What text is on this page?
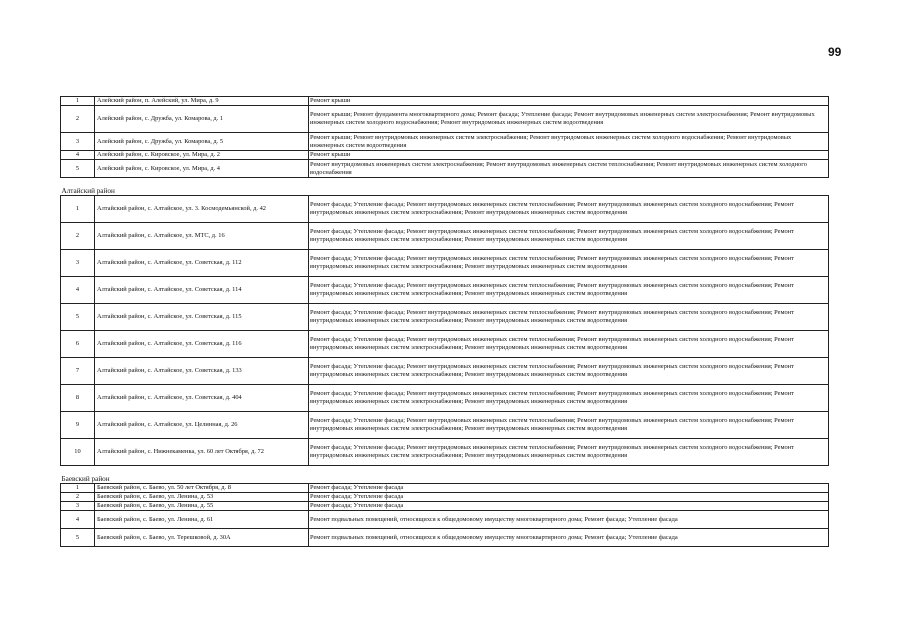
99
1	Алейский район, п. Алейский, ул. Мира, д. 9	Ремонт крыши
2	Алейский район, с. Дружба, ул. Комарова, д. 1	Ремонт крыши; Ремонт фундамента многоквартирного дома; Ремонт фасада; Утепление фасада; Ремонт внутридомовых инженерных систем электроснабжения; Ремонт внутридомовых инженерных систем холодного водоснабжения; Ремонт внутридомовых инженерных систем водоотведения
3	Алейский район, с. Дружба, ул. Комарова, д. 5	Ремонт крыши; Ремонт внутридомовых инженерных систем электроснабжения; Ремонт внутридомовых инженерных систем холодного водоснабжения; Ремонт внутридомовых инженерных систем водоотведения
4	Алейский район, с. Кировское, ул. Мира, д. 2	Ремонт крыши
5	Алейский район, с. Кировское, ул. Мира, д. 4	Ремонт внутридомовых инженерных систем электроснабжения; Ремонт внутридомовых инженерных систем теплоснабжения; Ремонт внутридомовых инженерных систем холодного водоснабжения
Алтайский район		
1	Алтайский район, с. Алтайское, ул. 3. Космодемьянской, д. 42	Ремонт фасада; Утепление фасада; Ремонт внутридомовых инженерных систем теплоснабжения; Ремонт внутридомовых инженерных систем холодного водоснабжения; Ремонт внутридомовых инженерных систем электроснабжения; Ремонт внутридомовых инженерных систем водоотведения
2	Алтайский район, с. Алтайское, ул. МТС, д. 16	Ремонт фасада; Утепление фасада; Ремонт внутридомовых инженерных систем теплоснабжения; Ремонт внутридомовых инженерных систем холодного водоснабжения; Ремонт внутридомовых инженерных систем электроснабжения; Ремонт внутридомовых инженерных систем водоотведения
3	Алтайский район, с. Алтайское, ул. Советская, д. 112	Ремонт фасада; Утепление фасада; Ремонт внутридомовых инженерных систем теплоснабжения; Ремонт внутридомовых инженерных систем холодного водоснабжения; Ремонт внутридомовых инженерных систем электроснабжения; Ремонт внутридомовых инженерных систем водоотведения
4	Алтайский район, с. Алтайское, ул. Советская, д. 114	Ремонт фасада; Утепление фасада; Ремонт внутридомовых инженерных систем теплоснабжения; Ремонт внутридомовых инженерных систем холодного водоснабжения; Ремонт внутридомовых инженерных систем электроснабжения; Ремонт внутридомовых инженерных систем водоотведения
5	Алтайский район, с. Алтайское, ул. Советская, д. 115	Ремонт фасада; Утепление фасада; Ремонт внутридомовых инженерных систем теплоснабжения; Ремонт внутридомовых инженерных систем холодного водоснабжения; Ремонт внутридомовых инженерных систем электроснабжения; Ремонт внутридомовых инженерных систем водоотведения
6	Алтайский район, с. Алтайское, ул. Советская, д. 116	Ремонт фасада; Утепление фасада; Ремонт внутридомовых инженерных систем теплоснабжения; Ремонт внутридомовых инженерных систем холодного водоснабжения; Ремонт внутридомовых инженерных систем электроснабжения; Ремонт внутридомовых инженерных систем водоотведения
7	Алтайский район, с. Алтайское, ул. Советская, д. 133	Ремонт фасада; Утепление фасада; Ремонт внутридомовых инженерных систем теплоснабжения; Ремонт внутридомовых инженерных систем холодного водоснабжения; Ремонт внутридомовых инженерных систем электроснабжения; Ремонт внутридомовых инженерных систем водоотведения
8	Алтайский район, с. Алтайское, ул. Советская, д. 404	Ремонт фасада; Утепление фасада; Ремонт внутридомовых инженерных систем теплоснабжения; Ремонт внутридомовых инженерных систем холодного водоснабжения; Ремонт внутридомовых инженерных систем электроснабжения; Ремонт внутридомовых инженерных систем водоотведения
9	Алтайский район, с. Алтайское, ул. Целинная, д. 26	Ремонт фасада; Утепление фасада; Ремонт внутридомовых инженерных систем теплоснабжения; Ремонт внутридомовых инженерных систем холодного водоснабжения; Ремонт внутридомовых инженерных систем электроснабжения; Ремонт внутридомовых инженерных систем водоотведения
10	Алтайский район, с. Нижнекаменка, ул. 60 лет Октября, д. 72	Ремонт фасада; Утепление фасада; Ремонт внутридомовых инженерных систем теплоснабжения; Ремонт внутридомовых инженерных систем холодного водоснабжения; Ремонт внутридомовых инженерных систем электроснабжения; Ремонт внутридомовых инженерных систем водоотведения
Баевский район		
1	Баевский район, с. Баево, ул. 50 лет Октября, д. 8	Ремонт фасада; Утепление фасада
2	Баевский район, с. Баево, ул. Ленина, д. 53	Ремонт фасада; Утепление фасада
3	Баевский район, с. Баево, ул. Ленина, д. 55	Ремонт фасада; Утепление фасада
4	Баевский район, с. Баево, ул. Ленина, д. 61	Ремонт подвальных помещений, относящихся к общедомовому имуществу многоквартирного дома; Ремонт фасада; Утепление фасада
5	Баевский район, с. Баево, ул. Терешковой, д. 30А	Ремонт подвальных помещений, относящихся к общедомовому имуществу многоквартирного дома; Ремонт фасада; Утепление фасада
